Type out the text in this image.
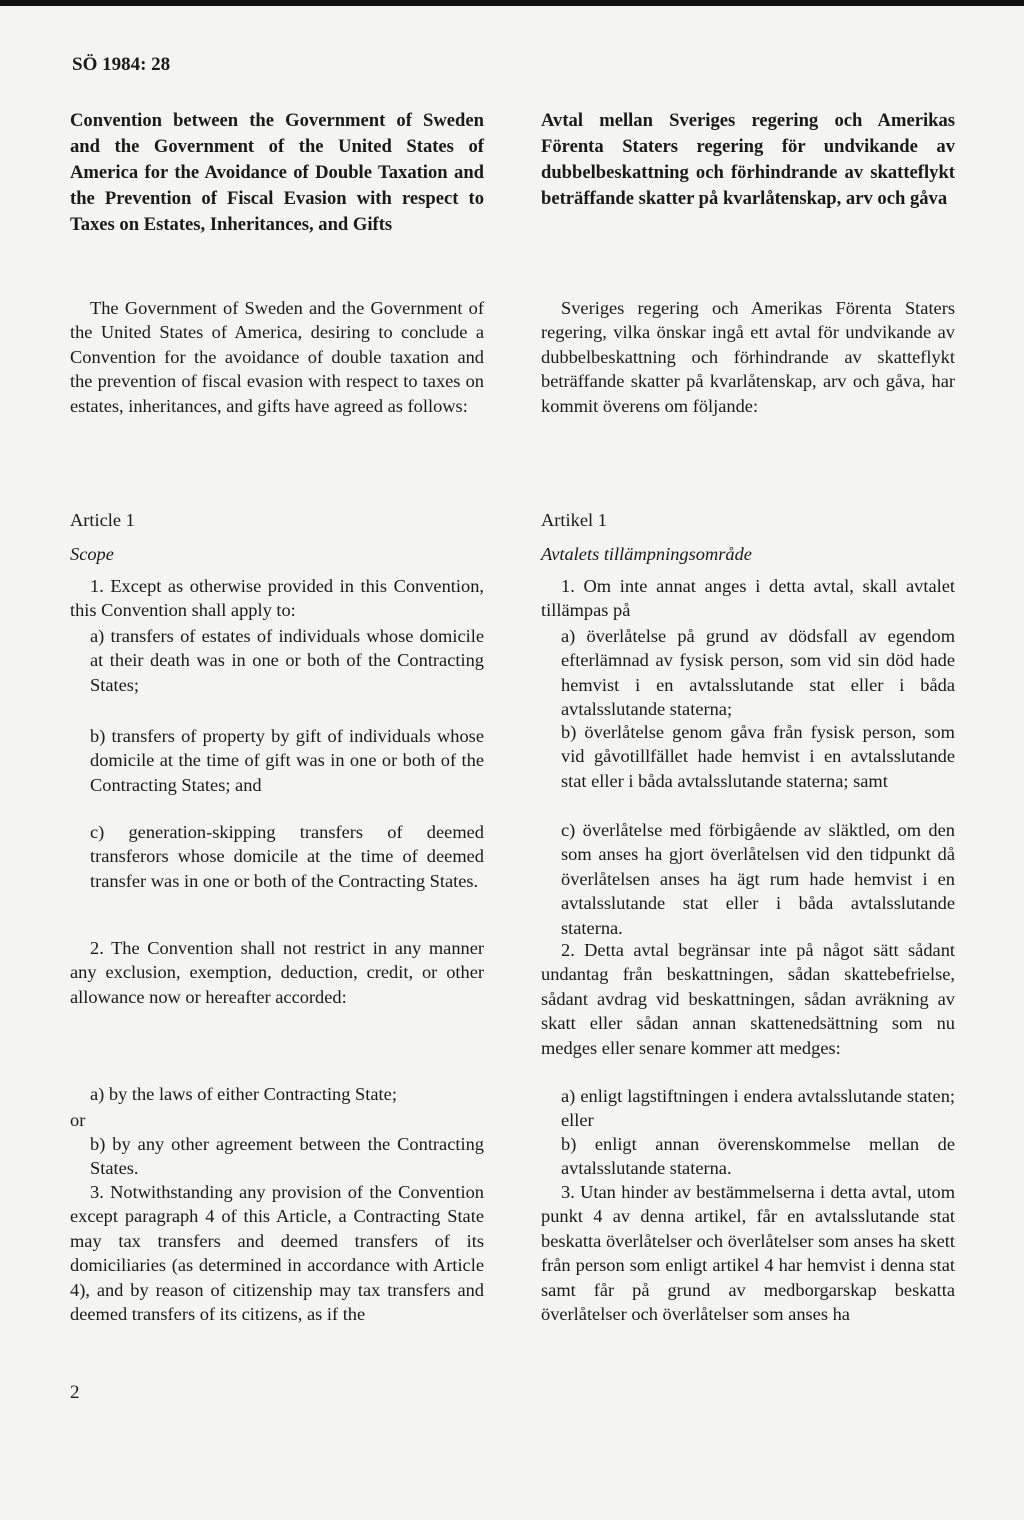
SÖ 1984: 28

Convention between the Government of Sweden and the Government of the United States of America for the Avoidance of Double Taxation and the Prevention of Fiscal Evasion with respect to Taxes on Estates, Inheritances, and Gifts

The Government of Sweden and the Government of the United States of America, desiring to conclude a Convention for the avoidance of double taxation and the prevention of fiscal evasion with respect to taxes on estates, inheritances, and gifts have agreed as follows:

Article 1

Scope

1. Except as otherwise provided in this Convention, this Convention shall apply to:

a) transfers of estates of individuals whose domicile at their death was in one or both of the Contracting States;

b) transfers of property by gift of individuals whose domicile at the time of gift was in one or both of the Contracting States; and

c) generation-skipping transfers of deemed transferors whose domicile at the time of deemed transfer was in one or both of the Contracting States.

2. The Convention shall not restrict in any manner any exclusion, exemption, deduction, credit, or other allowance now or hereafter accorded:

a) by the laws of either Contracting State;

or

b) by any other agreement between the Contracting States.

3. Notwithstanding any provision of the Convention except paragraph 4 of this Article, a Contracting State may tax transfers and deemed transfers of its domiciliaries (as determined in accordance with Article 4), and by reason of citizenship may tax transfers and deemed transfers of its citizens, as if the

Avtal mellan Sveriges regering och Amerikas Förenta Staters regering för undvikande av dubbelbeskattning och förhindrande av skatteflykt beträffande skatter på kvarlåtenskap, arv och gåva

Sveriges regering och Amerikas Förenta Staters regering, vilka önskar ingå ett avtal för undvikande av dubbelbeskattning och förhindrande av skatteflykt beträffande skatter på kvarlåtenskap, arv och gåva, har kommit överens om följande:

Artikel 1

Avtalets tillämpningsområde

1. Om inte annat anges i detta avtal, skall avtalet tillämpas på

a) överlåtelse på grund av dödsfall av egendom efterlämnad av fysisk person, som vid sin död hade hemvist i en avtalsslutande stat eller i båda avtalsslutande staterna;

b) överlåtelse genom gåva från fysisk person, som vid gåvotillfället hade hemvist i en avtalsslutande stat eller i båda avtalsslutande staterna; samt

c) överlåtelse med förbigående av släktled, om den som anses ha gjort överlåtelsen vid den tidpunkt då överlåtelsen anses ha ägt rum hade hemvist i en avtalsslutande stat eller i båda avtalsslutande staterna.

2. Detta avtal begränsar inte på något sätt sådant undantag från beskattningen, sådan skattebefrielse, sådant avdrag vid beskattningen, sådan avräkning av skatt eller sådan annan skattenedsättning som nu medges eller senare kommer att medges:

a) enligt lagstiftningen i endera avtalsslutande staten; eller

b) enligt annan överenskommelse mellan de avtalsslutande staterna.

3. Utan hinder av bestämmelserna i detta avtal, utom punkt 4 av denna artikel, får en avtalsslutande stat beskatta överlåtelser och överlåtelser som anses ha skett från person som enligt artikel 4 har hemvist i denna stat samt får på grund av medborgarskap beskatta överlåtelser och överlåtelser som anses ha

2
